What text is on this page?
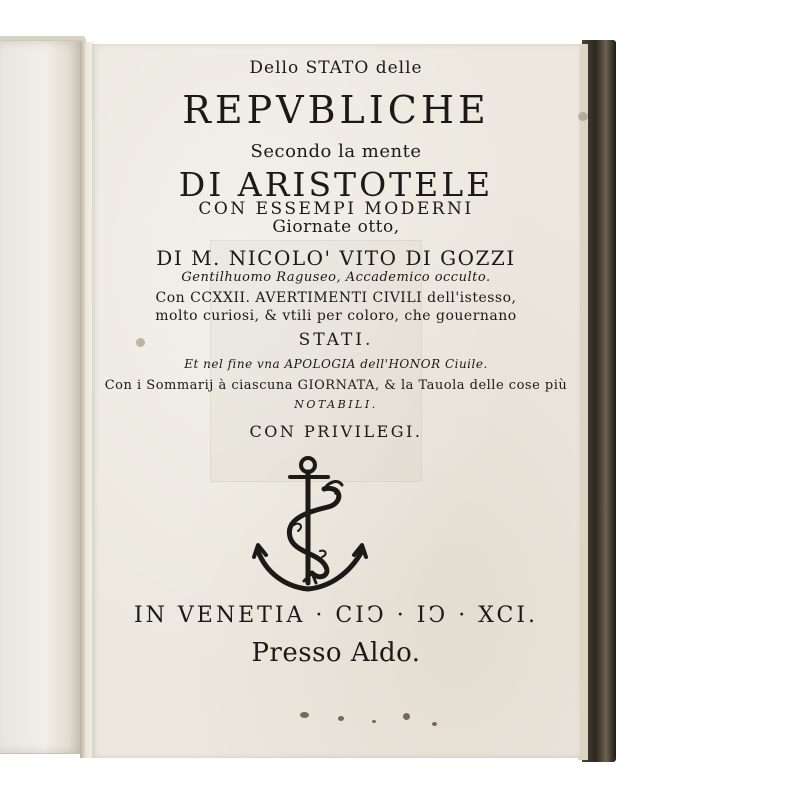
Dello STATO delle
REPVBLICHE
Secondo la mente
DI ARISTOTELE
CON ESSEMPI MODERNI
Giornate otto,
DI M. NICOLO' VITO DI GOZZI
Gentilhuomo Raguseo, Accademico occulto.
Con CCXXII. AVERTIMENTI CIVILI dell'istesso,
molto curiosi, & vtili per coloro, che gouernano
STATI.
Et nel fine vna APOLOGIA dell'HONOR Ciuile.
Con i Sommarij à ciascuna GIORNATA, & la Tauola delle cose più
NOTABILI.
CON PRIVILEGI.
IN VENETIA · CIↃ · IↃ · XCI.
Presso Aldo.
